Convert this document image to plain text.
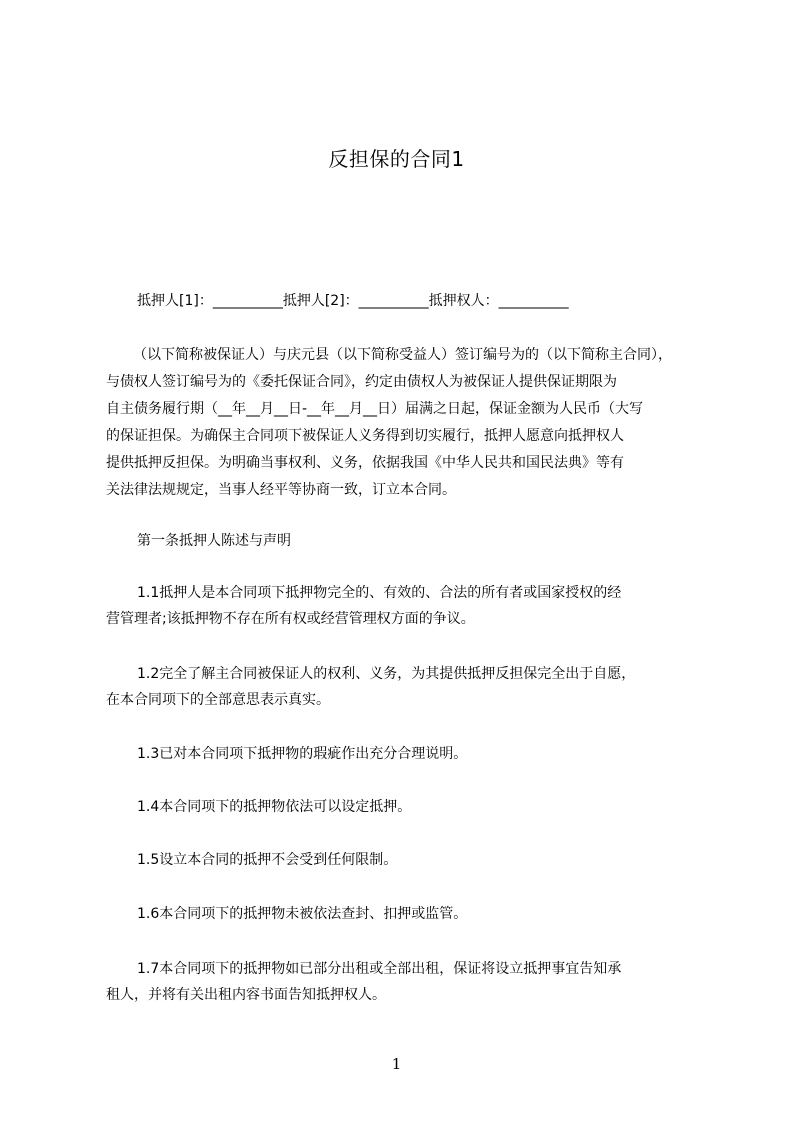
反担保的合同1
抵押人[1]：__________抵押人[2]：__________抵押权人：__________
（以下简称被保证人）与庆元县（以下简称受益人）签订编号为的（以下简称主合同），
与债权人签订编号为的《委托保证合同》，约定由债权人为被保证人提供保证期限为
自主债务履行期（__年__月__日-__年__月__日）届满之日起，保证金额为人民币（大写
的保证担保。为确保主合同项下被保证人义务得到切实履行，抵押人愿意向抵押权人
提供抵押反担保。为明确当事权利、义务，依据我国《中华人民共和国民法典》等有
关法律法规规定，当事人经平等协商一致，订立本合同。
第一条抵押人陈述与声明
1.1抵押人是本合同项下抵押物完全的、有效的、合法的所有者或国家授权的经
营管理者;该抵押物不存在所有权或经营管理权方面的争议。
1.2完全了解主合同被保证人的权利、义务，为其提供抵押反担保完全出于自愿，
在本合同项下的全部意思表示真实。
1.3已对本合同项下抵押物的瑕疵作出充分合理说明。
1.4本合同项下的抵押物依法可以设定抵押。
1.5设立本合同的抵押不会受到任何限制。
1.6本合同项下的抵押物未被依法查封、扣押或监管。
1.7本合同项下的抵押物如已部分出租或全部出租，保证将设立抵押事宜告知承
租人，并将有关出租内容书面告知抵押权人。
1
